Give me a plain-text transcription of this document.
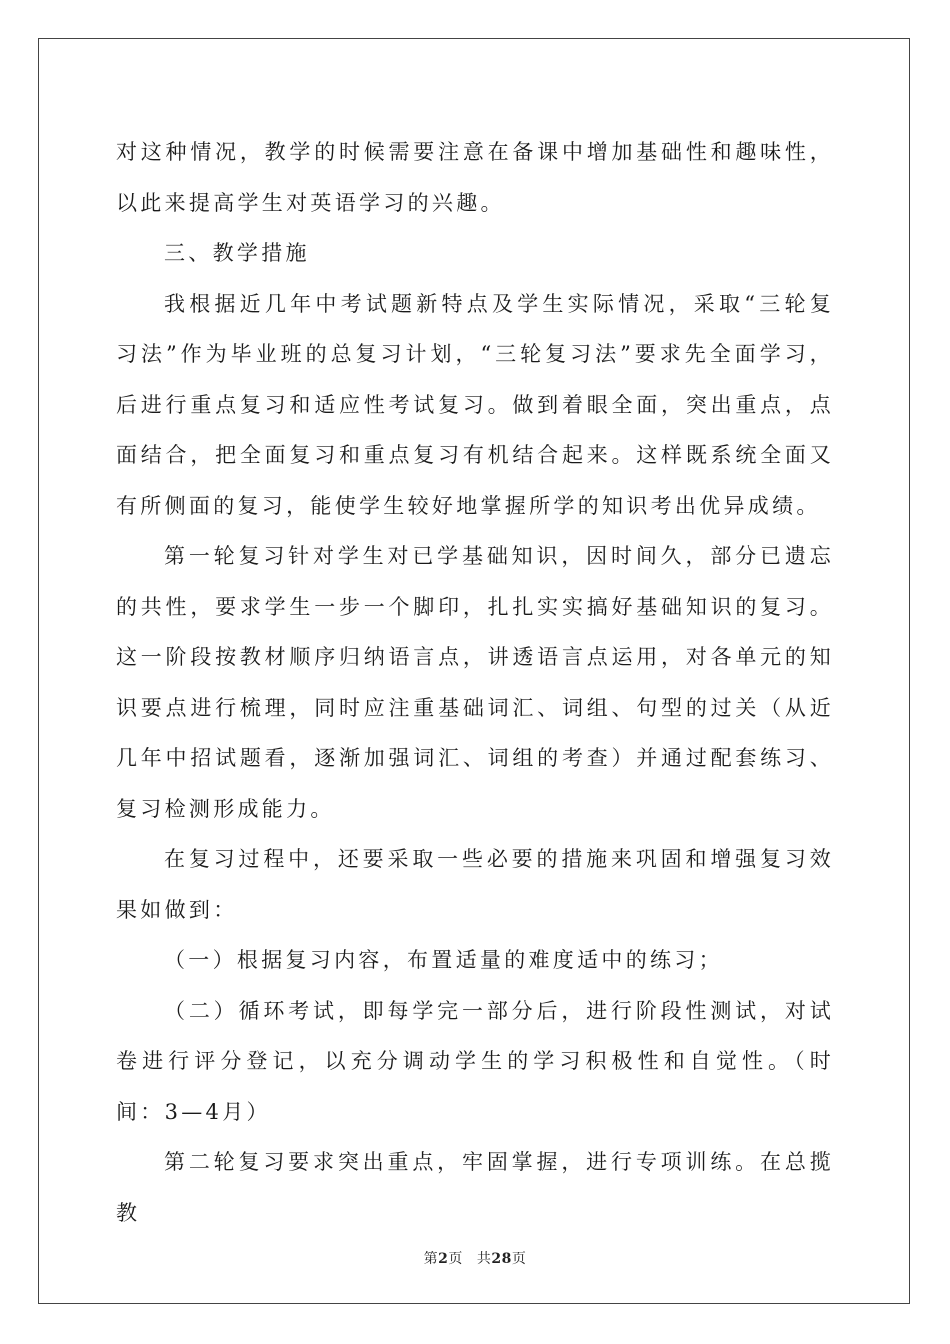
对这种情况，教学的时候需要注意在备课中增加基础性和趣味性，以此来提高学生对英语学习的兴趣。

三、教学措施

我根据近几年中考试题新特点及学生实际情况，采取“三轮复习法”作为毕业班的总复习计划，“三轮复习法”要求先全面学习，后进行重点复习和适应性考试复习。做到着眼全面，突出重点，点面结合，把全面复习和重点复习有机结合起来。这样既系统全面又有所侧面的复习，能使学生较好地掌握所学的知识考出优异成绩。

第一轮复习针对学生对已学基础知识，因时间久，部分已遗忘的共性，要求学生一步一个脚印，扎扎实实搞好基础知识的复习。这一阶段按教材顺序归纳语言点，讲透语言点运用，对各单元的知识要点进行梳理，同时应注重基础词汇、词组、句型的过关（从近几年中招试题看，逐渐加强词汇、词组的考查）并通过配套练习、复习检测形成能力。

在复习过程中，还要采取一些必要的措施来巩固和增强复习效果如做到：

（一）根据复习内容，布置适量的难度适中的练习；

（二）循环考试，即每学完一部分后，进行阶段性测试，对试卷进行评分登记，以充分调动学生的学习积极性和自觉性。（时间：3—4月）

第二轮复习要求突出重点，牢固掌握，进行专项训练。在总揽教

第2页 共28页
